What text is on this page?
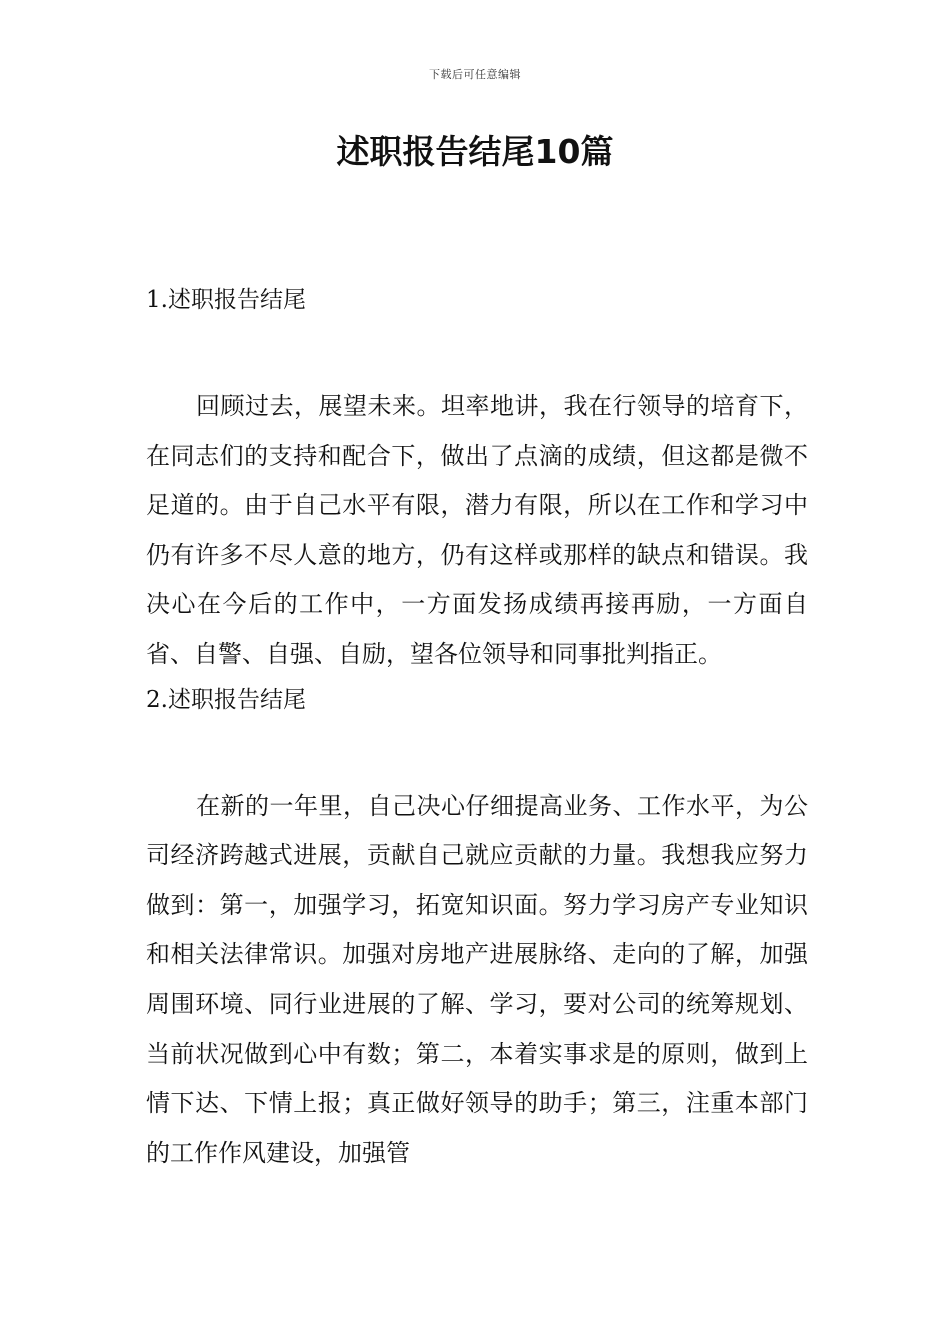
下载后可任意编辑
述职报告结尾10篇
1.述职报告结尾

回顾过去，展望未来。坦率地讲，我在行领导的培育下，在同志们的支持和配合下，做出了点滴的成绩，但这都是微不足道的。由于自己水平有限，潜力有限，所以在工作和学习中仍有许多不尽人意的地方，仍有这样或那样的缺点和错误。我决心在今后的工作中，一方面发扬成绩再接再励，一方面自省、自警、自强、自励，望各位领导和同事批判指正。

2.述职报告结尾

在新的一年里，自己决心仔细提高业务、工作水平，为公司经济跨越式进展，贡献自己就应贡献的力量。我想我应努力做到：第一，加强学习，拓宽知识面。努力学习房产专业知识和相关法律常识。加强对房地产进展脉络、走向的了解，加强周围环境、同行业进展的了解、学习，要对公司的统筹规划、当前状况做到心中有数；第二，本着实事求是的原则，做到上情下达、下情上报；真正做好领导的助手；第三，注重本部门的工作作风建设，加强管
